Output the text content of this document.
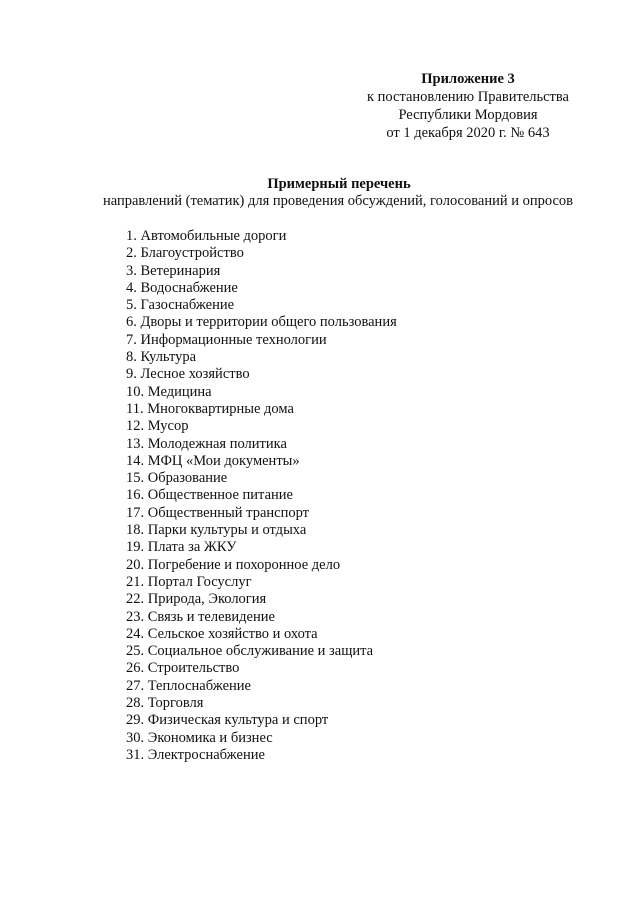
Приложение 3
к постановлению Правительства
Республики Мордовия
от 1 декабря 2020 г. № 643
Примерный перечень
направлений (тематик) для проведения обсуждений, голосований и опросов
1. Автомобильные дороги
2. Благоустройство
3. Ветеринария
4. Водоснабжение
5. Газоснабжение
6. Дворы и территории общего пользования
7. Информационные технологии
8. Культура
9. Лесное хозяйство
10. Медицина
11. Многоквартирные дома
12. Мусор
13. Молодежная политика
14. МФЦ «Мои документы»
15. Образование
16. Общественное питание
17. Общественный транспорт
18. Парки культуры и отдыха
19. Плата за ЖКУ
20. Погребение и похоронное дело
21. Портал Госуслуг
22. Природа, Экология
23. Связь и телевидение
24. Сельское хозяйство и охота
25. Социальное обслуживание и защита
26. Строительство
27. Теплоснабжение
28. Торговля
29. Физическая культура и спорт
30. Экономика и бизнес
31. Электроснабжение
